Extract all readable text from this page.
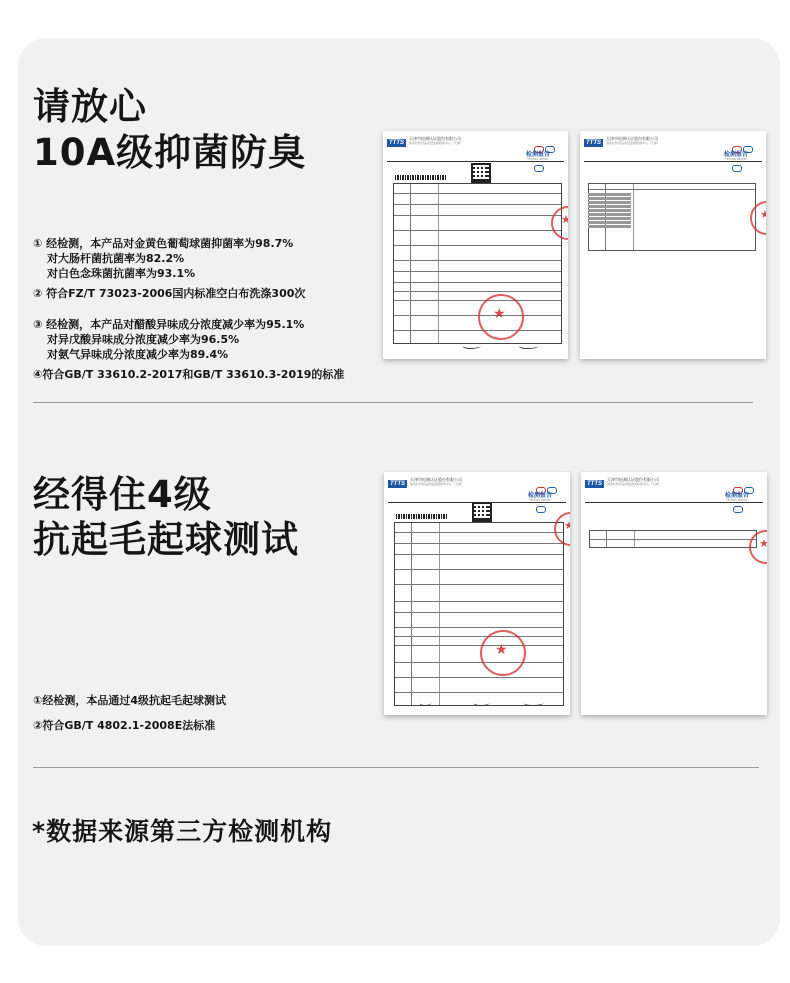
请放心
10A级抑菌防臭
① 经检测，本产品对金黄色葡萄球菌抑菌率为98.7%
对大肠杆菌抗菌率为82.2%
对白色念珠菌抗菌率为93.1%
② 符合FZ/T 73023-2006国内标准空白布洗涤300次
③ 经检测，本产品对醋酸异味成分浓度减少率为95.1%
对异戊酸异味成分浓度减少率为96.5%
对氨气异味成分浓度减少率为89.4%
④符合GB/T 33610.2-2017和GB/T 33610.3-2019的标准
TTTS
天津市检测认证股份有限公司
国家针纺织品质量监督检验中心（天津）
检测报告
TESTING REPORT
★
★
TTTS
天津市检测认证股份有限公司
国家针纺织品质量监督检验中心（天津）
检测报告
TESTING REPORT
★
经得住4级
抗起毛起球测试
①经检测，本品通过4级抗起毛起球测试
②符合GB/T 4802.1-2008E法标准
TTTS
天津市检测认证股份有限公司
国家针纺织品质量监督检验中心（天津）
检测报告
TESTING REPORT
★
★
TTTS
天津市检测认证股份有限公司
国家针纺织品质量监督检验中心（天津）
检测报告
TESTING REPORT
★
*数据来源第三方检测机构
